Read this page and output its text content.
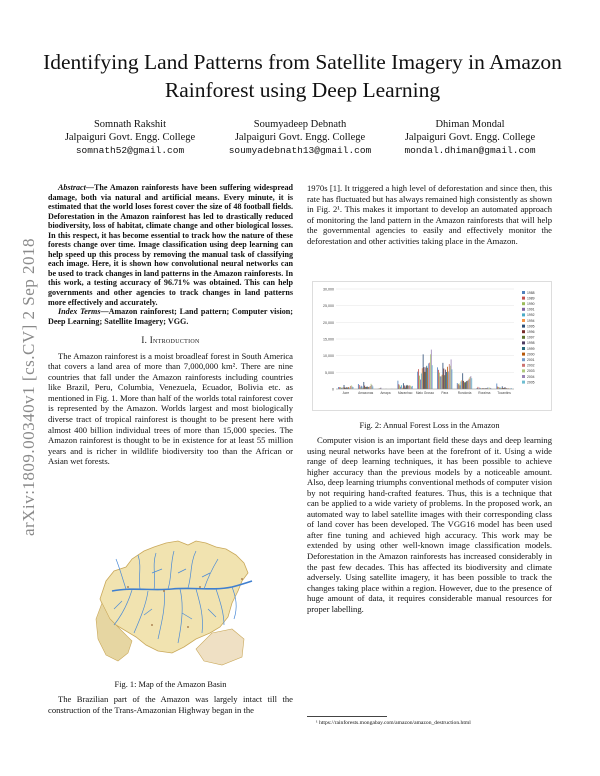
arXiv:1809.00340v1 [cs.CV] 2 Sep 2018
Identifying Land Patterns from Satellite Imagery in Amazon Rainforest using Deep Learning
Somnath Rakshit
Jalpaiguri Govt. Engg. College
somnath52@gmail.com
Soumyadeep Debnath
Jalpaiguri Govt. Engg. College
soumyadebnath13@gmail.com
Dhiman Mondal
Jalpaiguri Govt. Engg. College
mondal.dhiman@gmail.com

Abstract—The Amazon rainforests have been suffering widespread damage, both via natural and artificial means. Every minute, it is estimated that the world loses forest cover the size of 48 football fields. Deforestation in the Amazon rainforest has led to drastically reduced biodiversity, loss of habitat, climate change and other biological losses. In this respect, it has become essential to track how the nature of these forests change over time. Image classification using deep learning can help speed up this process by removing the manual task of classifying each image. Here, it is shown how convolutional neural networks can be used to track changes in land patterns in the Amazon rainforests. In this work, a testing accuracy of 96.71% was obtained. This can help governments and other agencies to track changes in land patterns more effectively and accurately.

Index Terms—Amazon rainforest; Land pattern; Computer vision; Deep Learning; Satellite Imagery; VGG.

I. Introduction

The Amazon rainforest is a moist broadleaf forest in South America that covers a land area of more than 7,000,000 km². There are nine countries that fall under the Amazon rainforests including countries like Brazil, Peru, Columbia, Venezuela, Ecuador, Bolivia etc. as mentioned in Fig. 1. More than half of the worlds total rainforest cover is represented by the Amazon. Worlds largest and most biologically diverse tract of tropical rainforest is thought to be present here with almost 400 billion individual trees of more than 15,000 species. The Amazon rainforest is thought to be in existence for at least 55 million years and is richer in wildlife biodiversity too than the African or Asian wet forests.

Fig. 1: Map of the Amazon Basin

The Brazilian part of the Amazon was largely intact till the construction of the Trans-Amazonian Highway began in the

1970s [1]. It triggered a high level of deforestation and since then, this rate has fluctuated but has always remained high consistently as shown in Fig. 2¹. This makes it important to develop an automated approach of monitoring the land pattern in the Amazon rainforests that will help the governmental agencies to easily and effectively monitor the deforestation and other activities taking place in the Amazon.

0
5,000
10,000
15,000
20,000
25,000
30,000
Acre	Amazonas Amapa Maranhao Mato Grosso Para	Rondonia Roraima Tocantins
1988
1989
1990
1991
1992
1994
1995
1996
1997
1998
1999
2000
2001
2002
2003
2004
2005
Fig. 2: Annual Forest Loss in the Amazon

Computer vision is an important field these days and deep learning using neural networks have been at the forefront of it. Using a wide range of deep learning techniques, it has been possible to achieve higher accuracy than the previous models by a noticeable amount. Also, deep learning triumphs conventional methods of computer vision by not requiring hand-crafted features. Thus, this is a technique that can be applied to a wide variety of problems. In the proposed work, an automated way to label satellite images with their corresponding class of land cover has been developed. The VGG16 model has been used after fine tuning and achieved high accuracy. This work may be extended by using other well-known image classification models. Deforestation in the Amazon rainforests has increased considerably in the past few decades. This has affected its biodiversity and climate adversely. Using satellite imagery, it has been possible to track the changes taking place within a region. However, due to the presence of huge amount of data, it requires considerable manual resources for proper labelling.

¹ https://rainforests.mongabay.com/amazon/amazon_destruction.html
